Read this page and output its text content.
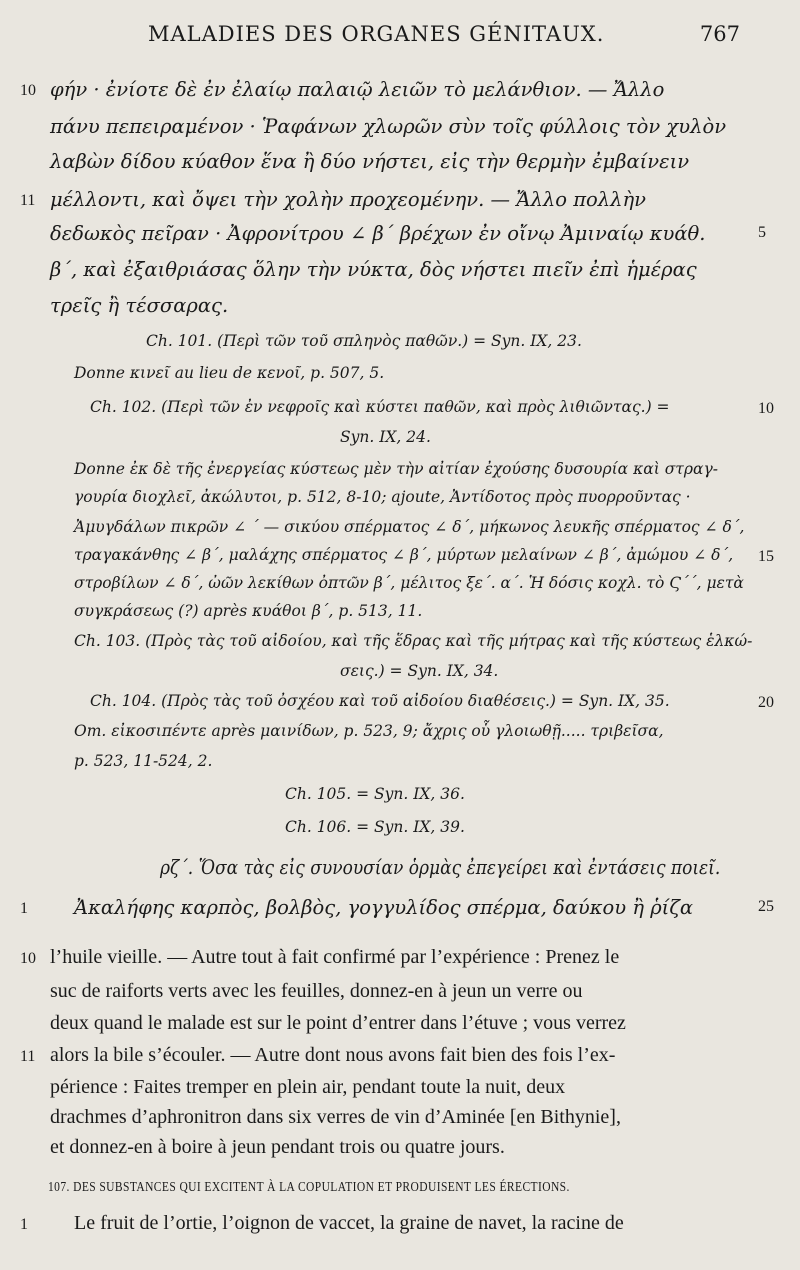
MALADIES DES ORGANES GÉNITAUX.	767
φήν · ἐνίοτε δὲ ἐν ἐλαίῳ παλαιῷ λειῶν τὸ μελάνθιον. — Ἄλλο
10
πάνυ πεπειραμένον · Ῥαφάνων χλωρῶν σὺν τοῖς φύλλοις τὸν χυλὸν
λαβὼν δίδου κύαθον ἕνα ἢ δύο νήστει, εἰς τὴν θερμὴν ἐμβαίνειν
μέλλοντι, καὶ ὄψει τὴν χολὴν προχεομένην. — Ἄλλο πολλὴν
11
δεδωκὸς πεῖραν · Ἀφρονίτρου ∠ β´ βρέχων ἐν οἴνῳ Ἀμιναίῳ κυάθ.	5
β´, καὶ ἐξαιθριάσας ὅλην τὴν νύκτα, δὸς νήστει πιεῖν ἐπὶ ἡμέρας
τρεῖς ἢ τέσσαρας.
Ch. 101. (Περὶ τῶν τοῦ σπληνὸς παθῶν.) = Syn. IX, 23.
Donne κινεῖ au lieu de κενοῖ, p. 507, 5.
Ch. 102. (Περὶ τῶν ἐν νεφροῖς καὶ κύστει παθῶν, καὶ πρὸς λιθιῶντας.) =	10
Syn. IX, 24.
Donne ἐκ δὲ τῆς ἐνεργείας κύστεως μὲν τὴν αἰτίαν ἐχούσης δυσουρία καὶ στραγ-
γουρία διοχλεῖ, ἀκώλυτοι, p. 512, 8-10; ajoute, Ἀντίδοτος πρὸς πυορροῦντας ·
Ἀμυγδάλων πικρῶν ∠ ´ — σικύου σπέρματος ∠ δ´, μήκωνος λευκῆς σπέρματος ∠ δ´,
τραγακάνθης ∠ β´, μαλάχης σπέρματος ∠ β´, μύρτων μελαίνων ∠ β´, ἀμώμου ∠ δ´, 15
στροβίλων ∠ δ´, ὠῶν λεκίθων ὀπτῶν β´, μέλιτος ξε´. α´. Ἡ δόσις κοχλ. τὸ Ϛ´´, μετὰ
συγκράσεως (?) après κυάθοι β´, p. 513, 11.
Ch. 103. (Πρὸς τὰς τοῦ αἰδοίου, καὶ τῆς ἕδρας καὶ τῆς μήτρας καὶ τῆς κύστεως ἑλκώ-
σεις.) = Syn. IX, 34.
Ch. 104. (Πρὸς τὰς τοῦ ὀσχέου καὶ τοῦ αἰδοίου διαθέσεις.) = Syn. IX, 35.	20
Om. εἰκοσιπέντε après μαινίδων, p. 523, 9; ἄχρις οὗ γλοιωθῇ..... τριβεῖσα,
p. 523, 11-524, 2.
Ch. 105. = Syn. IX, 36.
Ch. 106. = Syn. IX, 39.
ρζ´. Ὅσα τὰς εἰς συνουσίαν ὁρμὰς ἐπεγείρει καὶ ἐντάσεις ποιεῖ.
Ἀκαλήφης καρπὸς, βολβὸς, γογγυλίδος σπέρμα, δαύκου ἢ ῥίζα
1	25
l’huile vieille. — Autre tout à fait confirmé par l’expérience : Prenez le
10
suc de raiforts verts avec les feuilles, donnez-en à jeun un verre ou
deux quand le malade est sur le point d’entrer dans l’étuve ; vous verrez
alors la bile s’écouler. — Autre dont nous avons fait bien des fois l’ex-
11
périence : Faites tremper en plein air, pendant toute la nuit, deux
drachmes d’aphronitron dans six verres de vin d’Aminée [en Bithynie],
et donnez-en à boire à jeun pendant trois ou quatre jours.
107. DES SUBSTANCES QUI EXCITENT À LA COPULATION ET PRODUISENT LES ÉRECTIONS.
Le fruit de l’ortie, l’oignon de vaccet, la graine de navet, la racine de
1
